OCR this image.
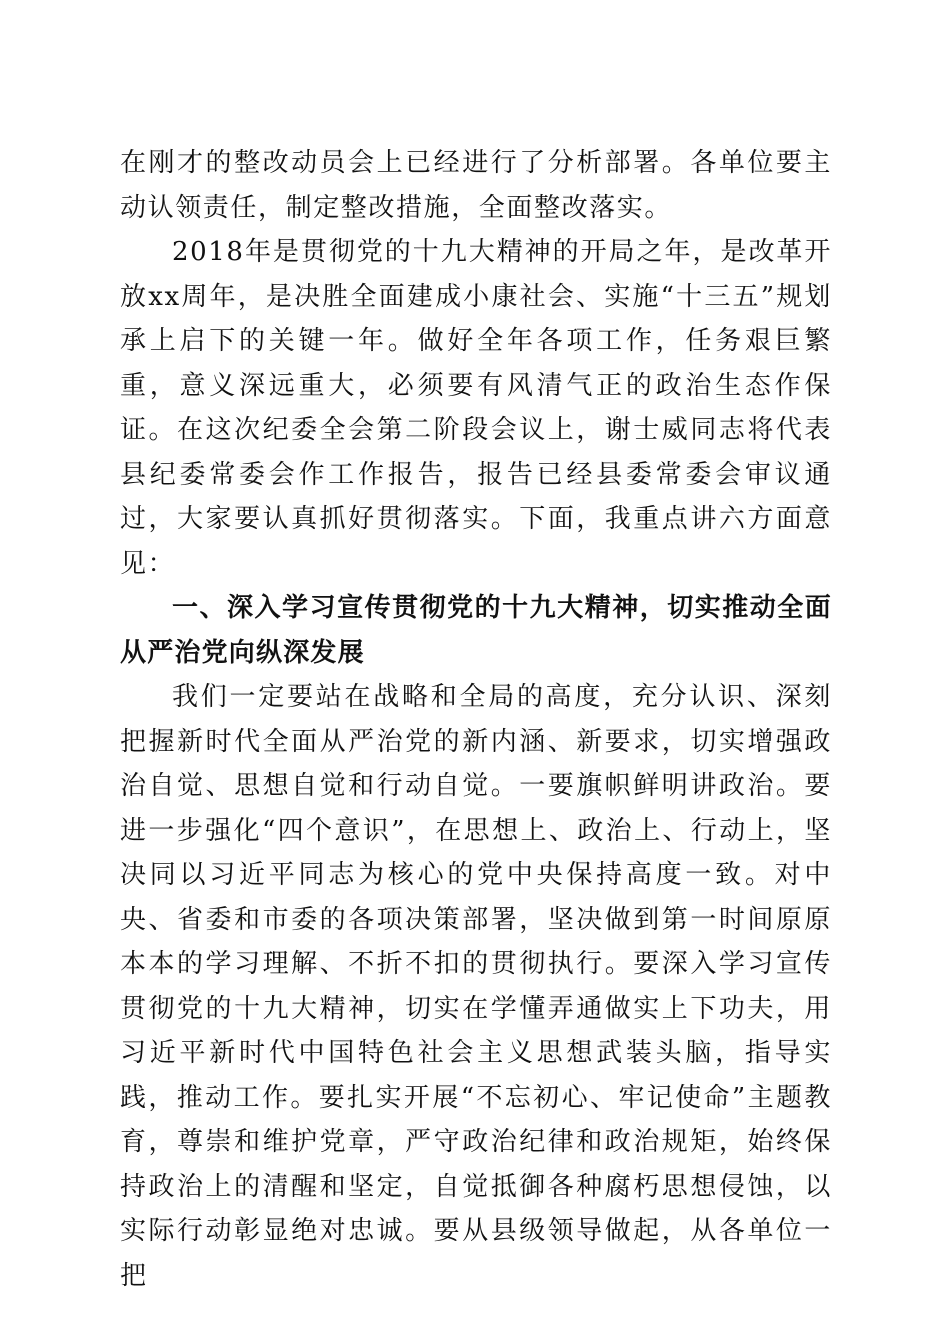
在刚才的整改动员会上已经进行了分析部署。各单位要主动认领责任，制定整改措施，全面整改落实。

2018年是贯彻党的十九大精神的开局之年，是改革开放xx周年，是决胜全面建成小康社会、实施“十三五”规划承上启下的关键一年。做好全年各项工作，任务艰巨繁重，意义深远重大，必须要有风清气正的政治生态作保证。在这次纪委全会第二阶段会议上，谢士威同志将代表县纪委常委会作工作报告，报告已经县委常委会审议通过，大家要认真抓好贯彻落实。下面，我重点讲六方面意见：

一、深入学习宣传贯彻党的十九大精神，切实推动全面从严治党向纵深发展

我们一定要站在战略和全局的高度，充分认识、深刻把握新时代全面从严治党的新内涵、新要求，切实增强政治自觉、思想自觉和行动自觉。一要旗帜鲜明讲政治。要进一步强化“四个意识”，在思想上、政治上、行动上，坚决同以习近平同志为核心的党中央保持高度一致。对中央、省委和市委的各项决策部署，坚决做到第一时间原原本本的学习理解、不折不扣的贯彻执行。要深入学习宣传贯彻党的十九大精神，切实在学懂弄通做实上下功夫，用习近平新时代中国特色社会主义思想武装头脑，指导实践，推动工作。要扎实开展“不忘初心、牢记使命”主题教育，尊崇和维护党章，严守政治纪律和政治规矩，始终保持政治上的清醒和坚定，自觉抵御各种腐朽思想侵蚀，以实际行动彰显绝对忠诚。要从县级领导做起，从各单位一把
